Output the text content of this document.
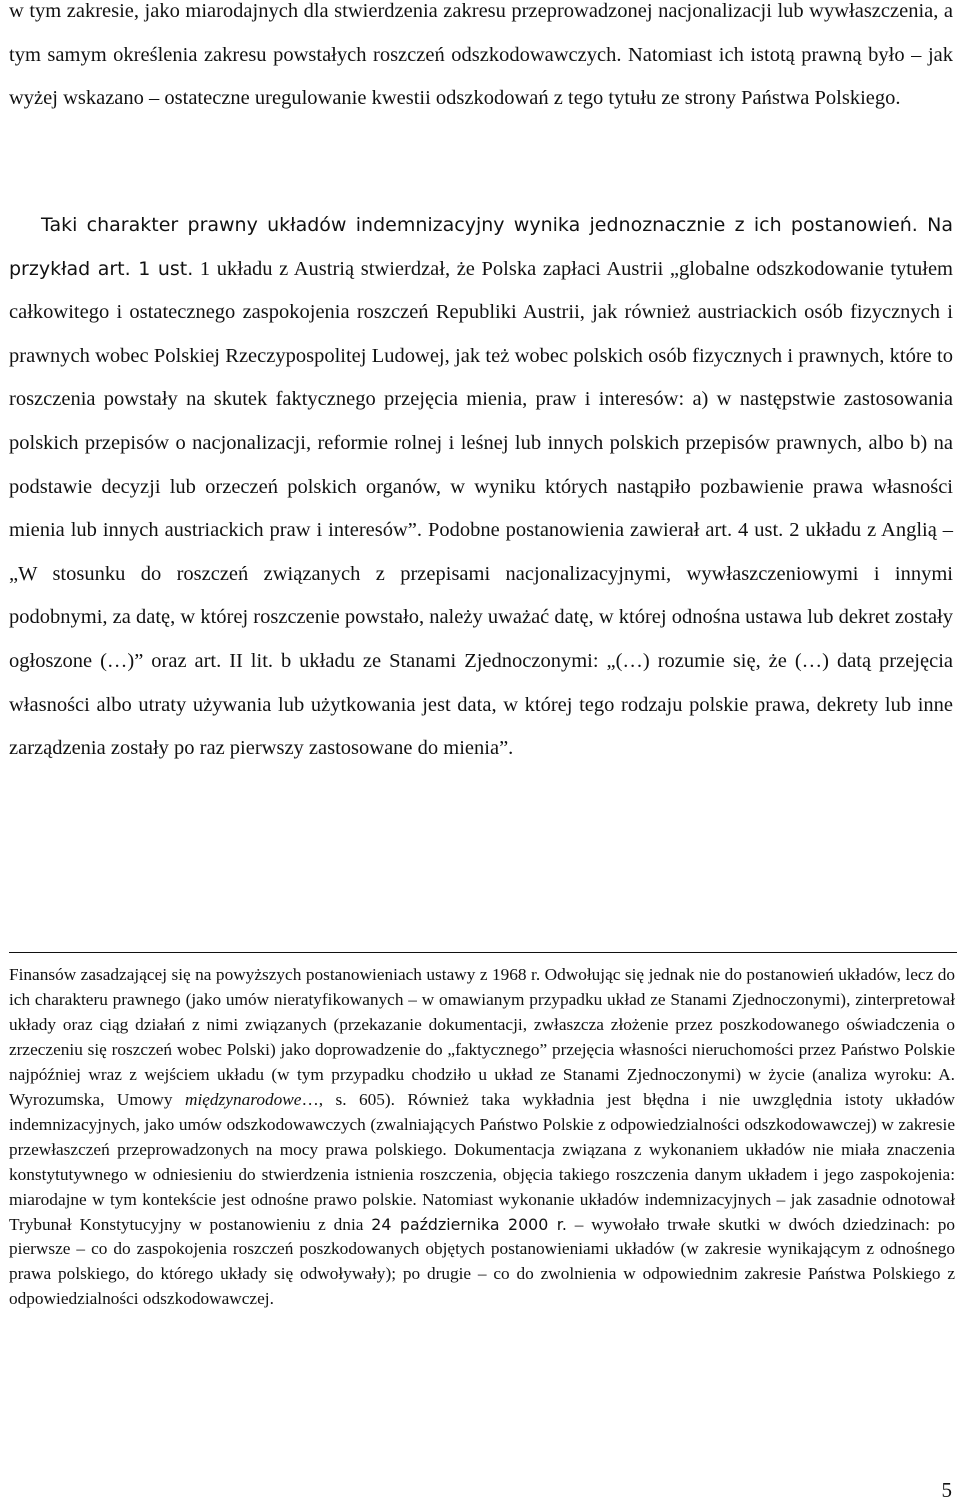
w tym zakresie, jako miarodajnych dla stwierdzenia zakresu przeprowadzonej nacjonalizacji lub wywłaszczenia, a tym samym określenia zakresu powstałych roszczeń odszkodowawczych. Natomiast ich istotą prawną było – jak wyżej wskazano – ostateczne uregulowanie kwestii odszkodowań z tego tytułu ze strony Państwa Polskiego.

Taki charakter prawny układów indemnizacyjny wynika jednoznacznie z ich postanowień. Na przykład art. 1 ust. 1 układu z Austrią stwierdzał, że Polska zapłaci Austrii „globalne odszkodowanie tytułem całkowitego i ostatecznego zaspokojenia roszczeń Republiki Austrii, jak również austriackich osób fizycznych i prawnych wobec Polskiej Rzeczypospolitej Ludowej, jak też wobec polskich osób fizycznych i prawnych, które to roszczenia powstały na skutek faktycznego przejęcia mienia, praw i interesów: a) w następstwie zastosowania polskich przepisów o nacjonalizacji, reformie rolnej i leśnej lub innych polskich przepisów prawnych, albo b) na podstawie decyzji lub orzeczeń polskich organów, w wyniku których nastąpiło pozbawienie prawa własności mienia lub innych austriackich praw i interesów”. Podobne postanowienia zawierał art. 4 ust. 2 układu z Anglią – „W stosunku do roszczeń związanych z przepisami nacjonalizacyjnymi, wywłaszczeniowymi i innymi podobnymi, za datę, w której roszczenie powstało, należy uważać datę, w której odnośna ustawa lub dekret zostały ogłoszone (…)” oraz art. II lit. b układu ze Stanami Zjednoczonymi: „(…) rozumie się, że (…) datą przejęcia własności albo utraty używania lub użytkowania jest data, w której tego rodzaju polskie prawa, dekrety lub inne zarządzenia zostały po raz pierwszy zastosowane do mienia”.

Finansów zasadzającej się na powyższych postanowieniach ustawy z 1968 r. Odwołując się jednak nie do postanowień układów, lecz do ich charakteru prawnego (jako umów nieratyfikowanych – w omawianym przypadku układ ze Stanami Zjednoczonymi), zinterpretował układy oraz ciąg działań z nimi związanych (przekazanie dokumentacji, zwłaszcza złożenie przez poszkodowanego oświadczenia o zrzeczeniu się roszczeń wobec Polski) jako doprowadzenie do „faktycznego” przejęcia własności nieruchomości przez Państwo Polskie najpóźniej wraz z wejściem układu (w tym przypadku chodziło u układ ze Stanami Zjednoczonymi) w życie (analiza wyroku: A. Wyrozumska, Umowy międzynarodowe…, s. 605). Również taka wykładnia jest błędna i nie uwzględnia istoty układów indemnizacyjnych, jako umów odszkodowawczych (zwalniających Państwo Polskie z odpowiedzialności odszkodowawczej) w zakresie przewłaszczeń przeprowadzonych na mocy prawa polskiego. Dokumentacja związana z wykonaniem układów nie miała znaczenia konstytutywnego w odniesieniu do stwierdzenia istnienia roszczenia, objęcia takiego roszczenia danym układem i jego zaspokojenia: miarodajne w tym kontekście jest odnośne prawo polskie. Natomiast wykonanie układów indemnizacyjnych – jak zasadnie odnotował Trybunał Konstytucyjny w postanowieniu z dnia 24 października 2000 r. – wywołało trwałe skutki w dwóch dziedzinach: po pierwsze – co do zaspokojenia roszczeń poszkodowanych objętych postanowieniami układów (w zakresie wynikającym z odnośnego prawa polskiego, do którego układy się odwoływały); po drugie – co do zwolnienia w odpowiednim zakresie Państwa Polskiego z odpowiedzialności odszkodowawczej.

5
